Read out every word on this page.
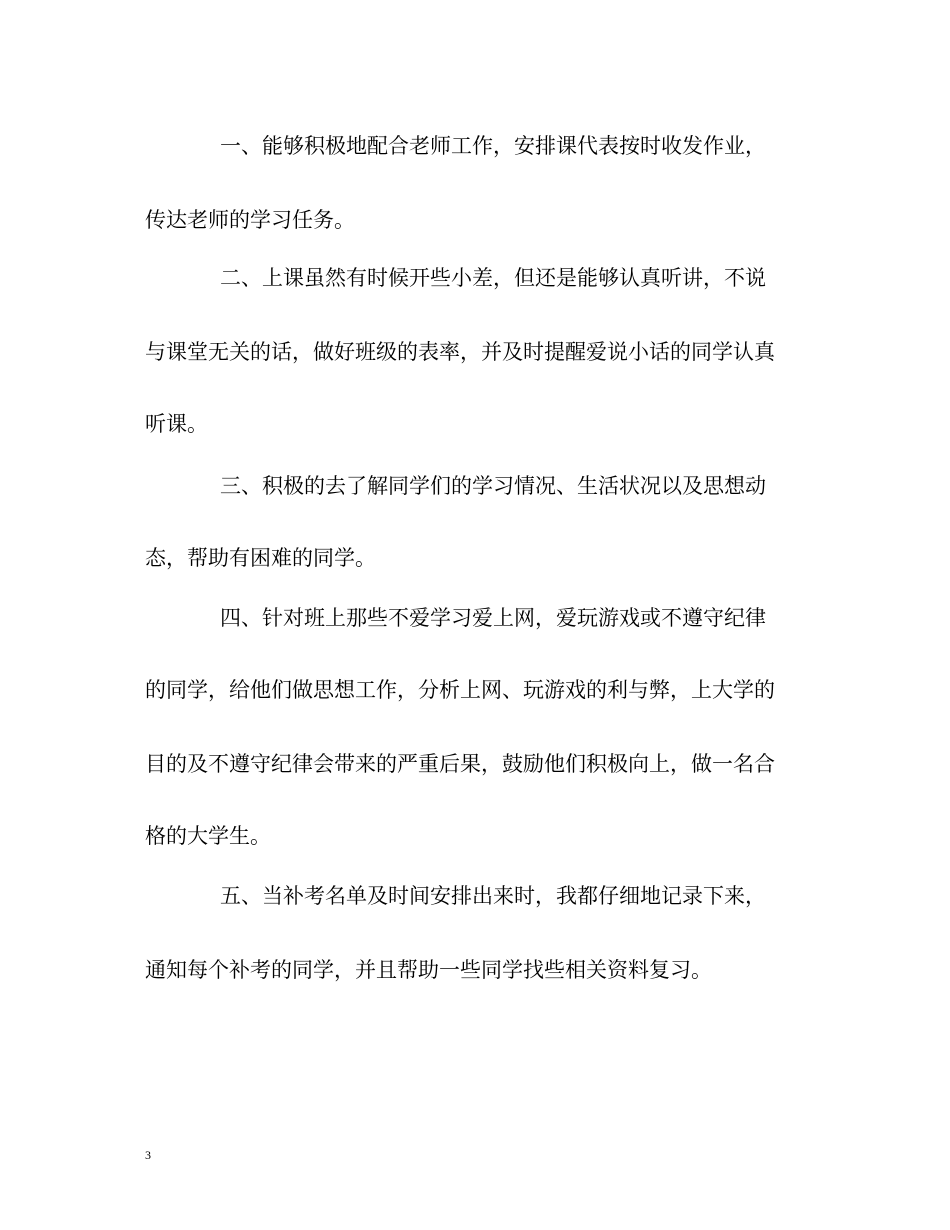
一、能够积极地配合老师工作，安排课代表按时收发作业，
传达老师的学习任务。
二、上课虽然有时候开些小差，但还是能够认真听讲，不说
与课堂无关的话，做好班级的表率，并及时提醒爱说小话的同学认真
听课。
三、积极的去了解同学们的学习情况、生活状况以及思想动
态，帮助有困难的同学。
四、针对班上那些不爱学习爱上网，爱玩游戏或不遵守纪律
的同学，给他们做思想工作，分析上网、玩游戏的利与弊，上大学的
目的及不遵守纪律会带来的严重后果，鼓励他们积极向上，做一名合
格的大学生。
五、当补考名单及时间安排出来时，我都仔细地记录下来，
通知每个补考的同学，并且帮助一些同学找些相关资料复习。
3
